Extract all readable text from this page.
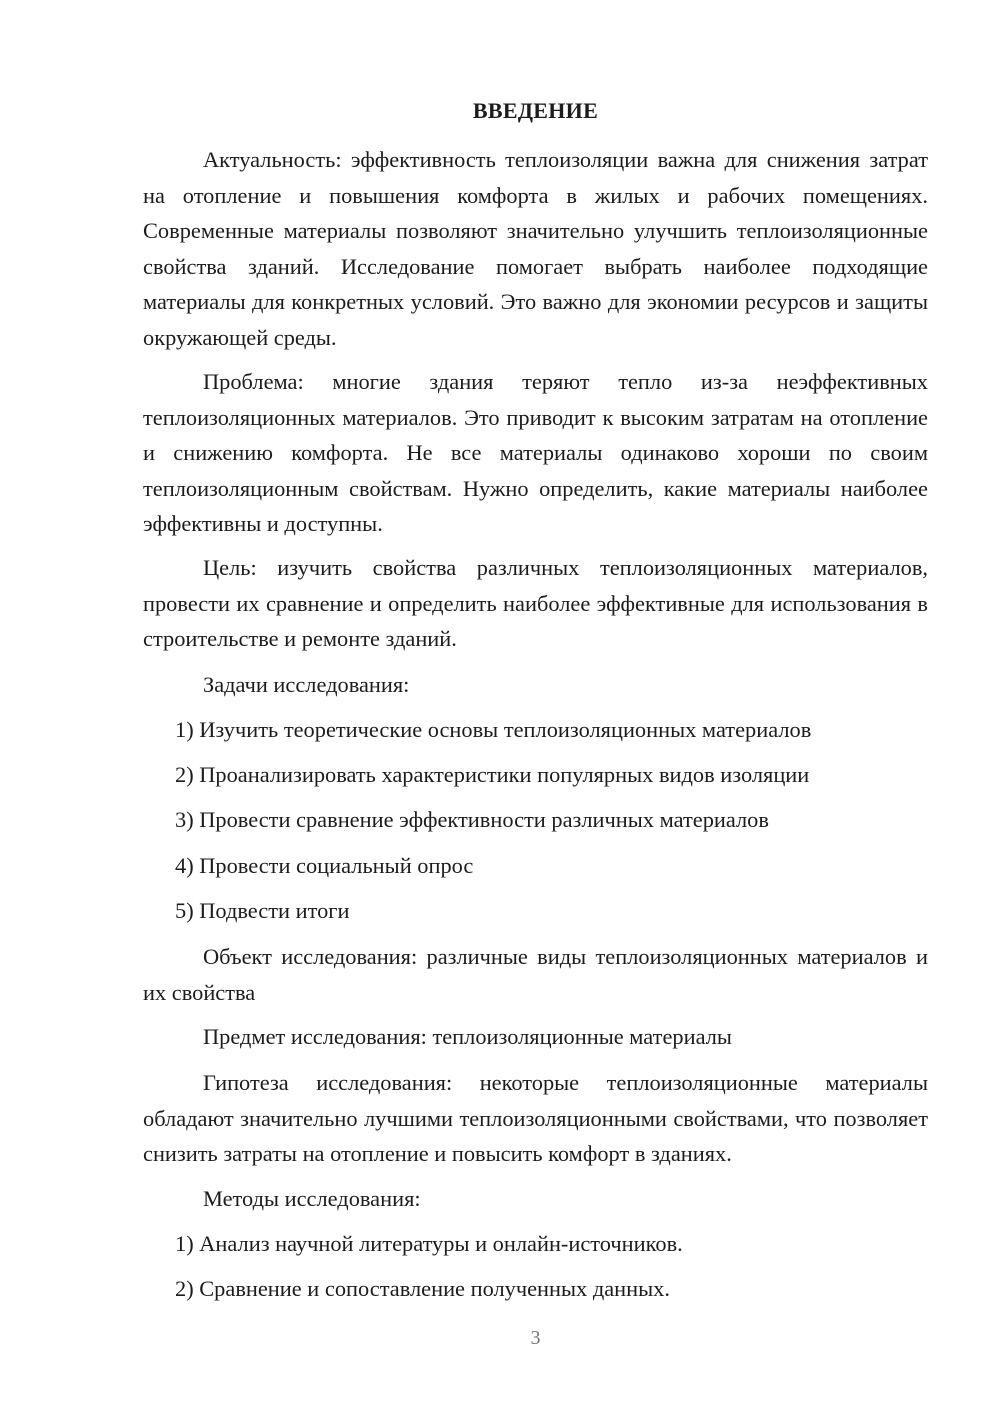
ВВЕДЕНИЕ

Актуальность: эффективность теплоизоляции важна для снижения затрат на отопление и повышения комфорта в жилых и рабочих помещениях. Современные материалы позволяют значительно улучшить теплоизоляционные свойства зданий. Исследование помогает выбрать наиболее подходящие материалы для конкретных условий. Это важно для экономии ресурсов и защиты окружающей среды.

Проблема: многие здания теряют тепло из-за неэффективных теплоизоляционных материалов. Это приводит к высоким затратам на отопление и снижению комфорта. Не все материалы одинаково хороши по своим теплоизоляционным свойствам. Нужно определить, какие материалы наиболее эффективны и доступны.

Цель: изучить свойства различных теплоизоляционных материалов, провести их сравнение и определить наиболее эффективные для использования в строительстве и ремонте зданий.

Задачи исследования:

1) Изучить теоретические основы теплоизоляционных материалов

2) Проанализировать характеристики популярных видов изоляции

3) Провести сравнение эффективности различных материалов

4) Провести социальный опрос

5) Подвести итоги

Объект исследования: различные виды теплоизоляционных материалов и их свойства

Предмет исследования: теплоизоляционные материалы

Гипотеза исследования: некоторые теплоизоляционные материалы обладают значительно лучшими теплоизоляционными свойствами, что позволяет снизить затраты на отопление и повысить комфорт в зданиях.

Методы исследования:

1) Анализ научной литературы и онлайн-источников.

2) Сравнение и сопоставление полученных данных.

3
